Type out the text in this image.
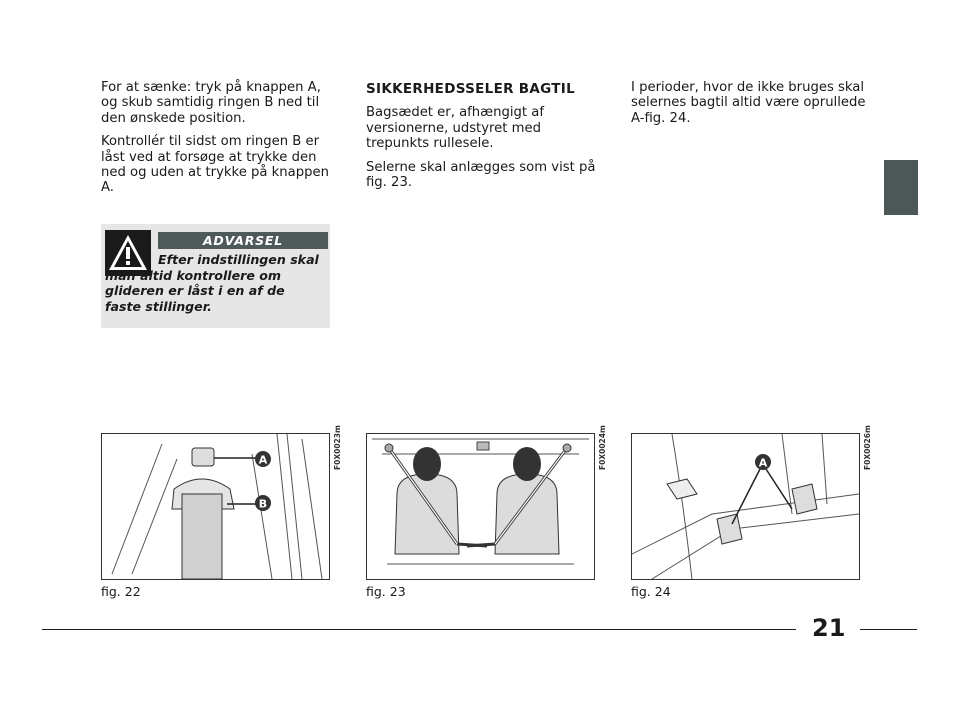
For at sænke: tryk på knappen A, og skub samtidig ringen B ned til den ønskede position.

Kontrollér til sidst om ringen B er låst ved at forsøge at trykke den ned og uden at trykke på knappen A.

ADVARSEL
Efter indstillingen skal man altid kontrollere om glideren er låst i en af de faste stillinger.
SIKKERHEDSSELER BAGTIL

Bagsædet er, afhængigt af versionerne, udstyret med trepunkts rullesele.

Selerne skal anlægges som vist på fig. 23.

I perioder, hvor de ikke bruges skal selernes bagtil altid være oprullede A-fig. 24.

A
B
F0X0023m
fig. 22
F0X0024m
fig. 23
A	F0X0026m
fig. 24
21
